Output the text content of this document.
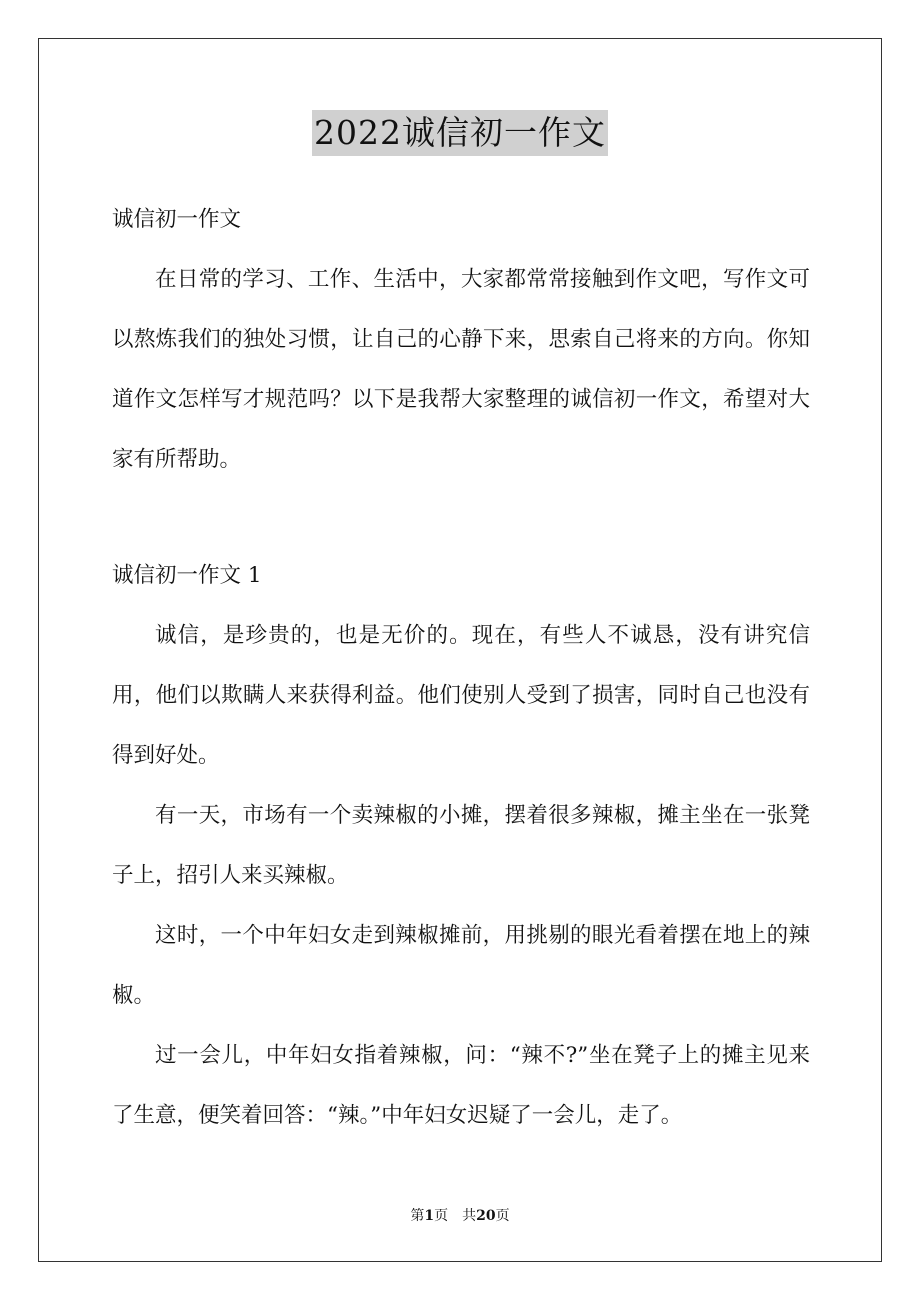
2022诚信初一作文

诚信初一作文

在日常的学习、工作、生活中，大家都常常接触到作文吧，写作文可以熬炼我们的独处习惯，让自己的心静下来，思索自己将来的方向。你知道作文怎样写才规范吗？以下是我帮大家整理的诚信初一作文，希望对大家有所帮助。

诚信初一作文 1

诚信，是珍贵的，也是无价的。现在，有些人不诚恳，没有讲究信用，他们以欺瞒人来获得利益。他们使别人受到了损害，同时自己也没有得到好处。

有一天，市场有一个卖辣椒的小摊，摆着很多辣椒，摊主坐在一张凳子上，招引人来买辣椒。

这时，一个中年妇女走到辣椒摊前，用挑剔的眼光看着摆在地上的辣椒。

过一会儿，中年妇女指着辣椒，问：“辣不?”坐在凳子上的摊主见来了生意，便笑着回答：“辣。”中年妇女迟疑了一会儿，走了。

第1页　共20页
